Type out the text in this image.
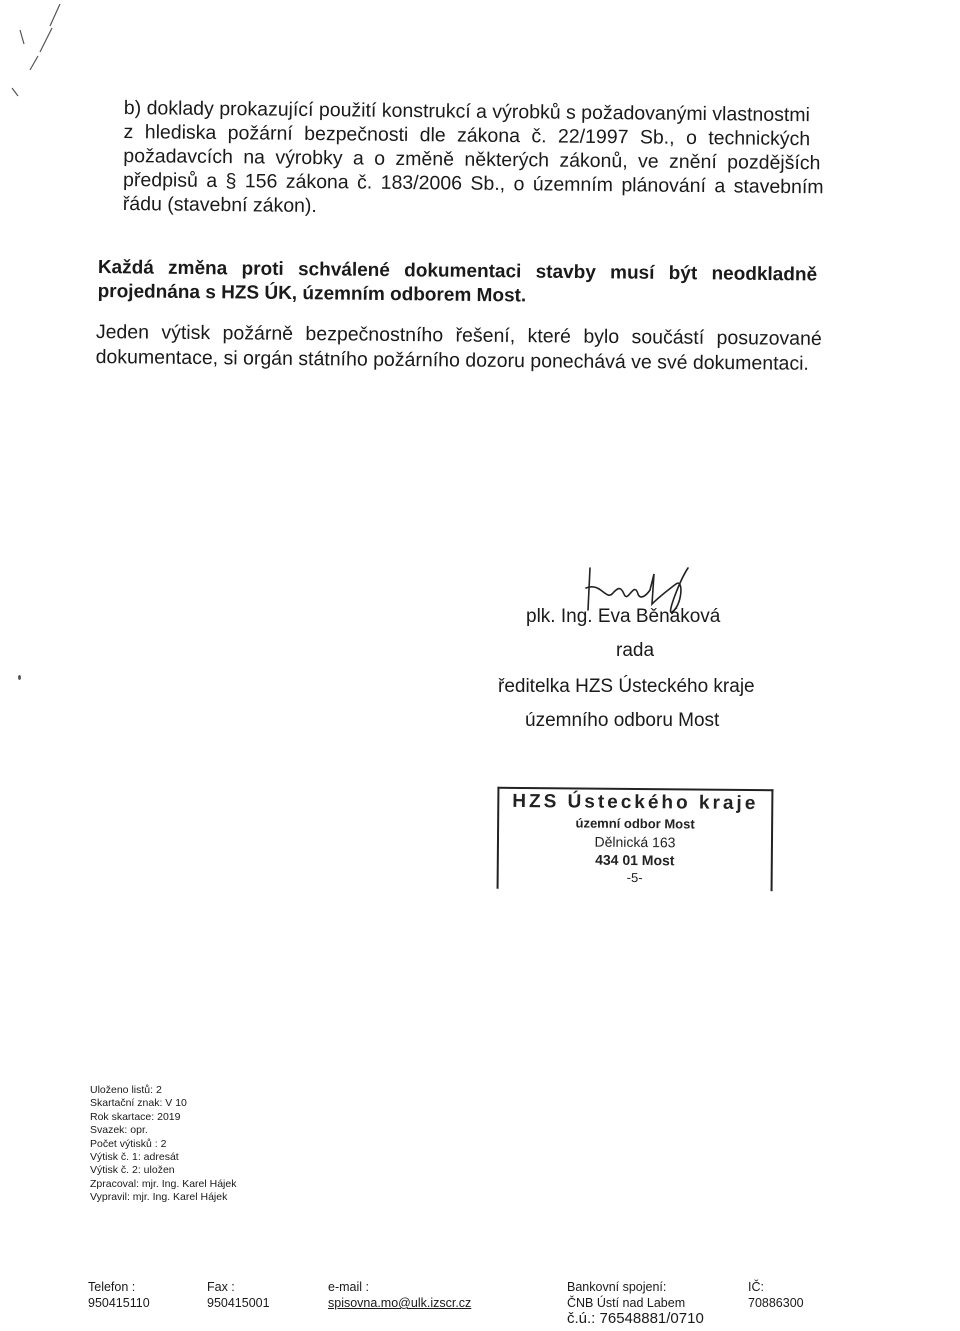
b) doklady prokazující použití konstrukcí a výrobků s požadovanými vlastnostmi
z hlediska požární bezpečnosti dle zákona č. 22/1997 Sb., o technických
požadavcích na výrobky a o změně některých zákonů, ve znění pozdějších
předpisů a § 156 zákona č. 183/2006 Sb., o územním plánování a stavebním
řádu (stavební zákon).
Každá změna proti schválené dokumentaci stavby musí být neodkladně
projednána s HZS ÚK, územním odborem Most.
Jeden výtisk požárně bezpečnostního řešení, které bylo součástí posuzované
dokumentace, si orgán státního požárního dozoru ponechává ve své dokumentaci.
plk. Ing. Eva Běnáková
rada
ředitelka HZS Ústeckého kraje
územního odboru Most
HZS Ústeckého kraje
územní odbor Most
Dělnická 163
434 01 Most
-5-
Uloženo listů: 2
Skartační znak: V 10
Rok skartace: 2019
Svazek: opr.
Počet výtisků : 2
Výtisk č. 1: adresát
Výtisk č. 2: uložen
Zpracoval: mjr. Ing. Karel Hájek
Vypravil: mjr. Ing. Karel Hájek
Telefon :
950415110
Fax :
950415001
e-mail :
spisovna.mo@ulk.izscr.cz
Bankovní spojení:
ČNB Ústí nad Labem
č.ú.: 76548881/0710
IČ:
70886300
